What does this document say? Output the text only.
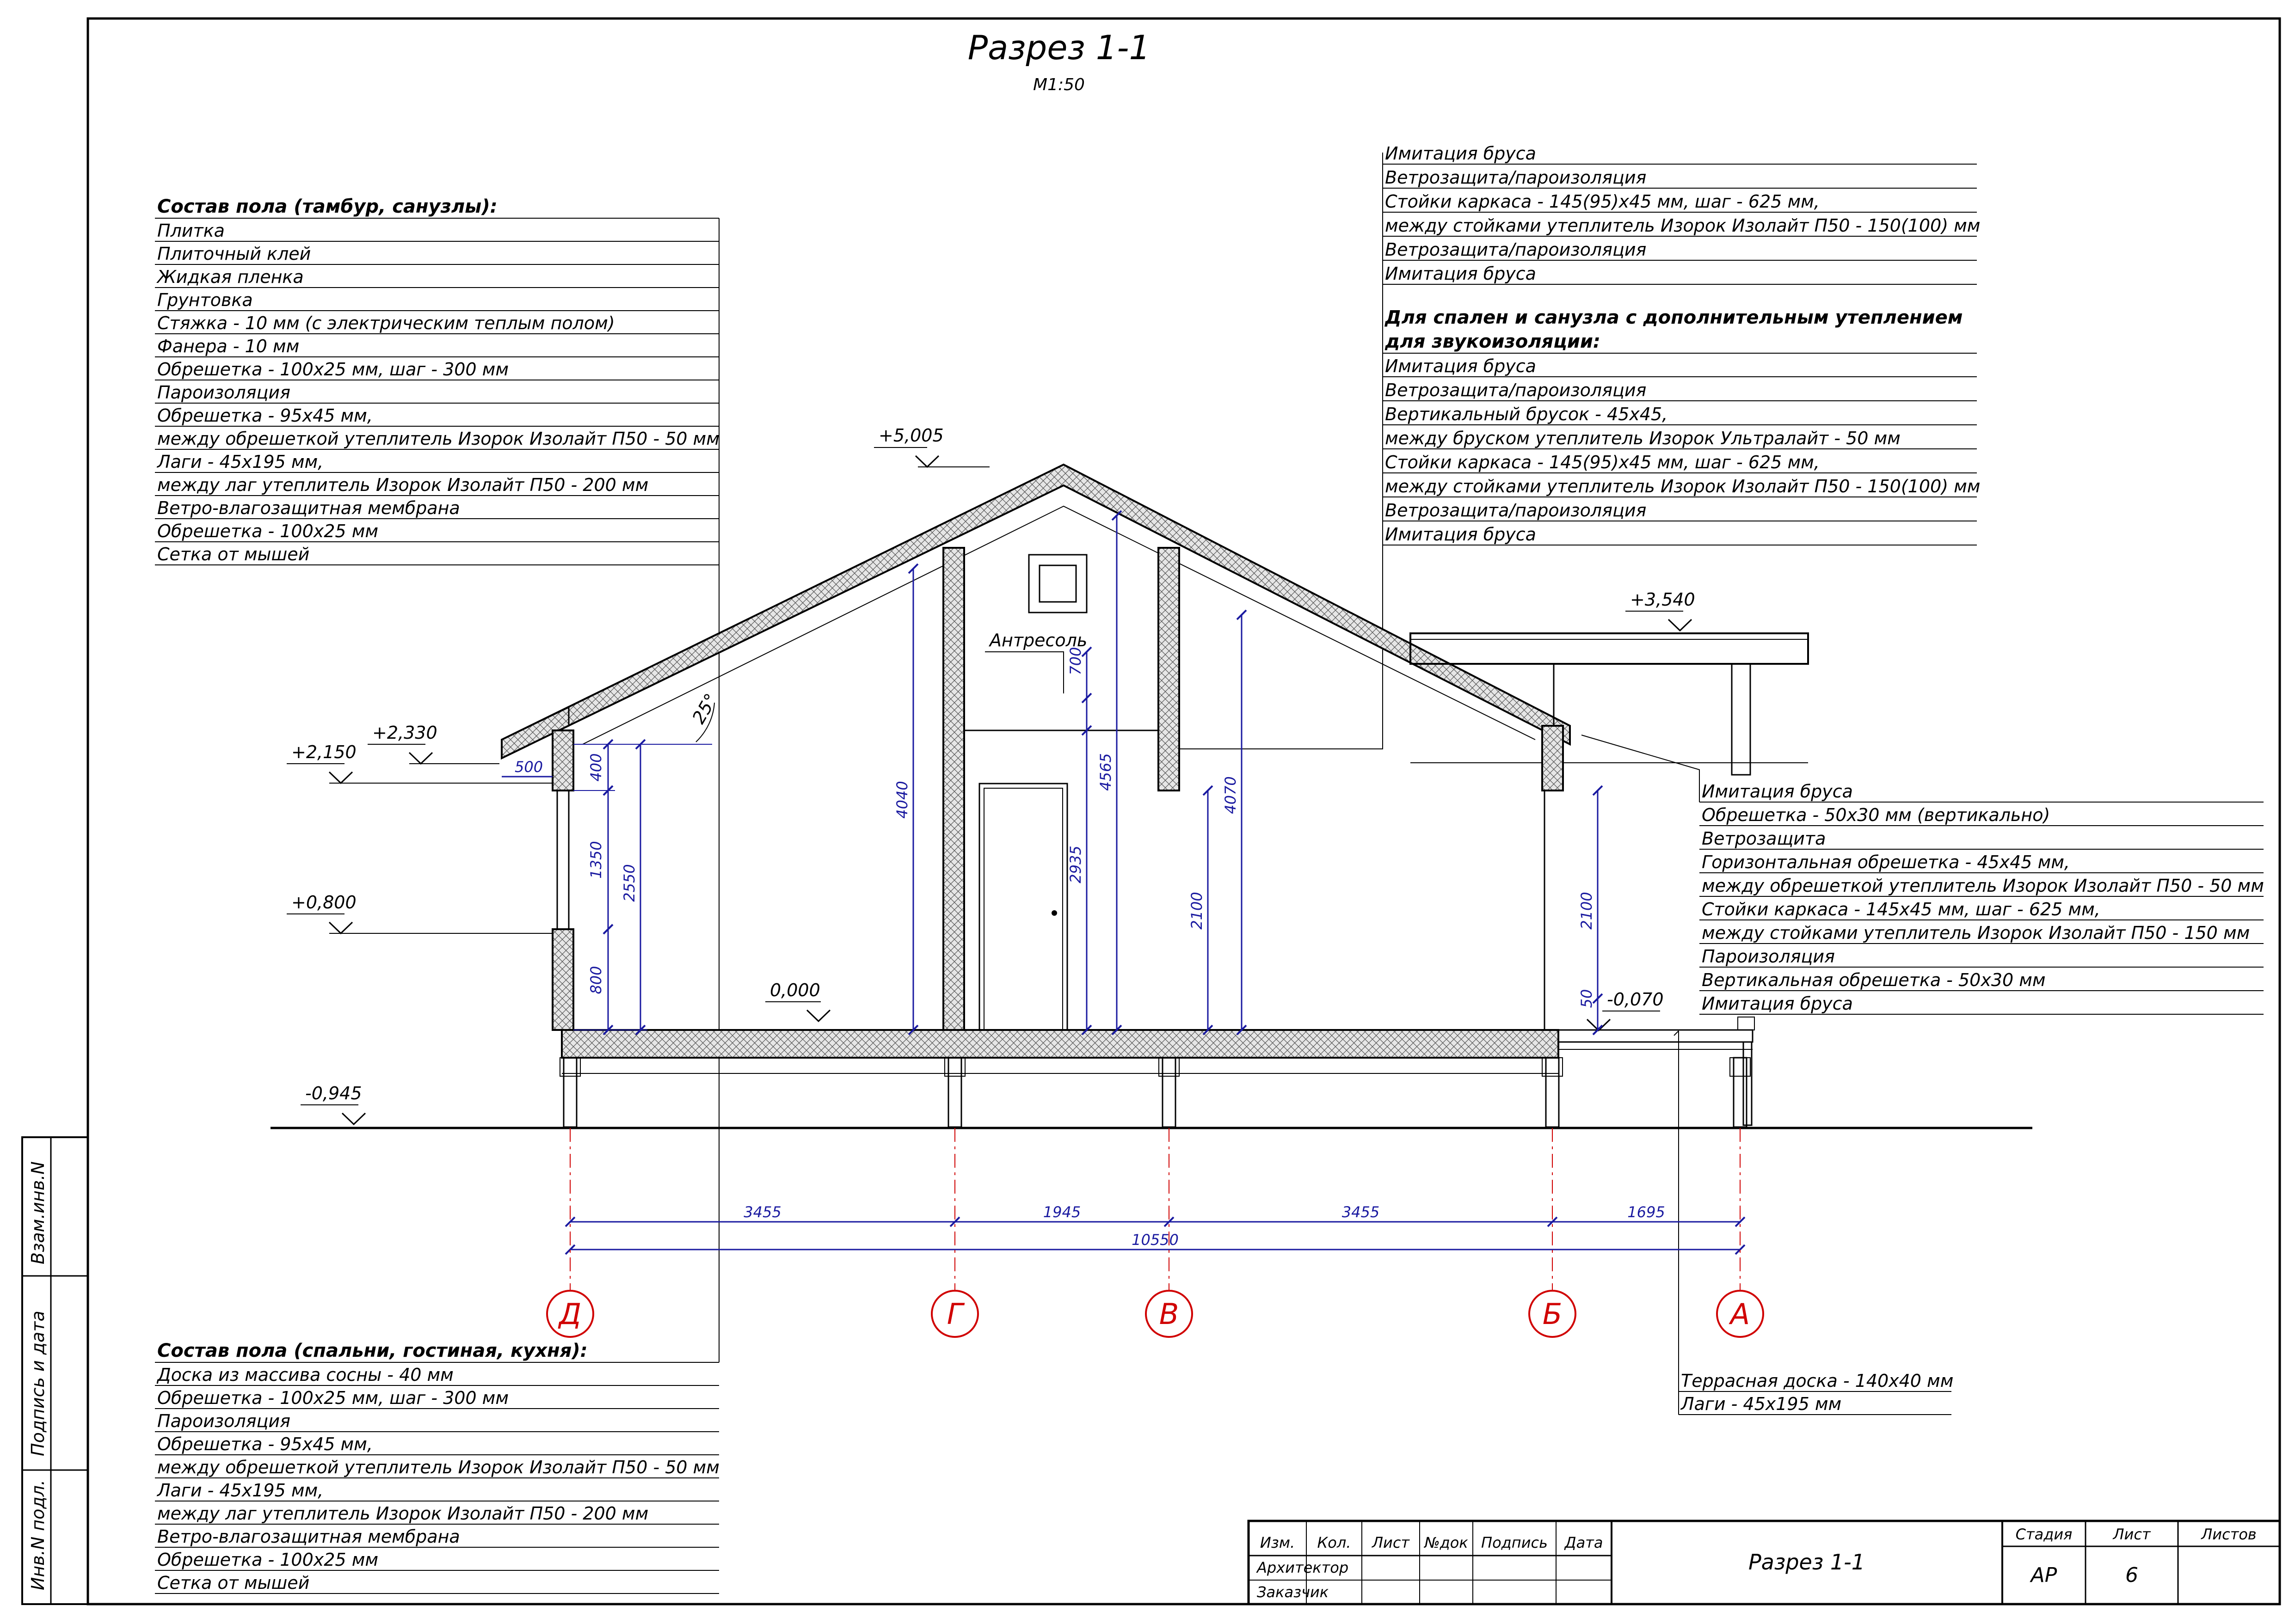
Инв.N подл.
Подпись и дата
Взам.инв.N
Разрез 1-1
М1:50
Состав пола (тамбур, санузлы):
Плитка
Плиточный клей
Жидкая пленка
Грунтовка
Стяжка - 10 мм (с электрическим теплым полом)
Фанера - 10 мм
Обрешетка - 100х25 мм, шаг - 300 мм
Пароизоляция
Обрешетка - 95х45 мм,
между обрешеткой утеплитель Изорок Изолайт П50 - 50 мм
Лаги - 45х195 мм,
между лаг утеплитель Изорок Изолайт П50 - 200 мм
Ветро-влагозащитная мембрана
Обрешетка - 100х25 мм
Сетка от мышей
Состав пола (спальни, гостиная, кухня):
Доска из массива сосны - 40 мм
Обрешетка - 100х25 мм, шаг - 300 мм
Пароизоляция
Обрешетка - 95х45 мм,
между обрешеткой утеплитель Изорок Изолайт П50 - 50 мм
Лаги - 45х195 мм,
между лаг утеплитель Изорок Изолайт П50 - 200 мм
Ветро-влагозащитная мембрана
Обрешетка - 100х25 мм
Сетка от мышей
Имитация бруса
Ветрозащита/пароизоляция
Стойки каркаса - 145(95)х45 мм, шаг - 625 мм,
между стойками утеплитель Изорок Изолайт П50 - 150(100) мм
Ветрозащита/пароизоляция
Имитация бруса
Для спален и санузла с дополнительным утеплением
для звукоизоляции:
Имитация бруса
Ветрозащита/пароизоляция
Вертикальный брусок - 45х45,
между бруском утеплитель Изорок Ультралайт - 50 мм
Стойки каркаса - 145(95)х45 мм, шаг - 625 мм,
между стойками утеплитель Изорок Изолайт П50 - 150(100) мм
Ветрозащита/пароизоляция
Имитация бруса
Имитация бруса
Обрешетка - 50х30 мм (вертикально)
Ветрозащита
Горизонтальная обрешетка - 45х45 мм,
между обрешеткой утеплитель Изорок Изолайт П50 - 50 мм
Стойки каркаса - 145х45 мм, шаг - 625 мм,
между стойками утеплитель Изорок Изолайт П50 - 150 мм
Пароизоляция
Вертикальная обрешетка - 50х30 мм
Имитация бруса
Террасная доска - 140х40 мм
Лаги - 45х195 мм
Антресоль
+5,005
+3,540
+2,330
+2,150
+0,800
0,000	-0,070
-0,945
25°
400
1350
2550
800
4040
700
2935
4565
2100
4070
2100
50
500
3455	1945	3455	1695
10550
Д	Г	В	Б	А
Изм. Кол. Лист №док Подпись Дата
Архитектор
Заказчик
Разрез 1-1
Стадия	Лист	Листов
АР	6
